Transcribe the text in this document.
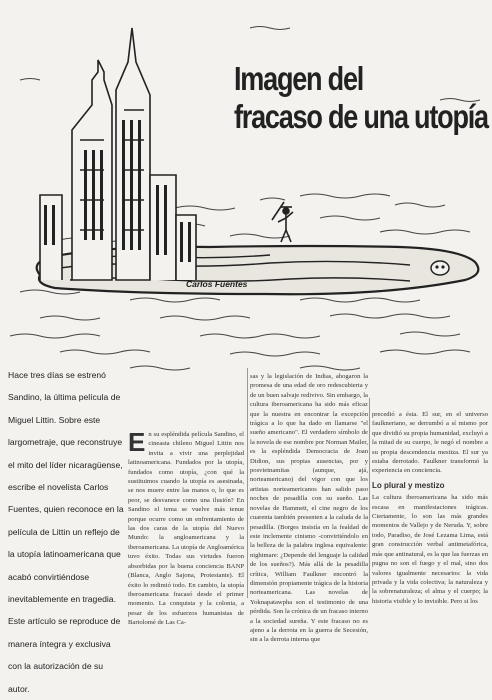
Imagen del
fracaso de una utopía
Carlos Fuentes
Hace tres días se estrenó Sandino, la última película de Miguel Littin. Sobre este largometraje, que reconstruye el mito del líder nicaragüense, escribe el novelista Carlos Fuentes, quien reconoce en la película de Littin un reflejo de la utopía latinoamericana que acabó convirtiéndose inevitablemente en tragedia. Este artículo se reproduce de manera íntegra y exclusiva con la autorización de su autor.
E n su espléndida película Sandino, el cineasta chileno Miguel Littin nos invita a vivir una perplejidad latinoamericana. Fundados por la utopía, fundados como utopía, ¿con qué la sustituimos cuando la utopía es asesinada, se nos muere entre las manos o, lo que es peor, se desvanece como una ilusión? En Sandino el tema se vuelve más tenue porque ocurre como un enfrentamiento de las dos caras de la utopía del Nuevo Mundo: la angloamericana y la iberoamericana. La utopía de Angloamérica tuvo éxito. Todas sus virtudes fueron absorbidas por la buena conciencia BANP (Blanca, Anglo Sajona, Protestante). El éxito lo redimió todo. En cambio, la utopía iberoamericana fracasó desde el primer momento. La conquista y la colonia, a pesar de los esfuerzos humanistas de Bartolomé de Las Ca-
sas y la legislación de Indias, ahogaron la promesa de una edad de oro redescubierta y de un buen salvaje redivivo. Sin embargo, la cultura iberoamericana ha sido más eficaz que la nuestra en encontrar la excepción trágica a lo que ha dado en llamarse "el sueño americano". El verdadero símbolo de la novela de ese nombre por Norman Mailer, es la espléndida Democracia de Joan Didion, sus propias ausencias, por y posvietnamitas (aunque, ajá, norteamericano) del vigor con que los artistas norteamericanos han salido paso noches de pesadilla con su sueño. Las novelas de Hammett, el cine negro de los cuarenta también presenten a la caluda de la pesadilla. (Borges insistía en la fealdad de este inclemente cinismo -convirtiéndolo en la belleza de la palabra inglesa equivalente: nightmare: ¿Depende del lenguaje la calidad de los sueños?). Más allá de la pesadilla crítica, William Faulkner encontró la dimensión propiamente trágica de la historia norteamericana. Las novelas de Yoknapatawpha son el testimonio de una pérdida. Son la crónica de un fracaso interno a la sociedad sureña. Y este fracaso no es ajeno a la derrota en la guerra de Secesión, sin a la derrota interna que
precedió a ésta. El sur, en el universo faulkneriano, se derrumbó a sí mismo por que dividió su propia humanidad, excluyó a la mitad de su cuerpo, le negó el nombre a su propia descendencia mestiza. El sur ya estaba derrotado. Faulkner transformó la experiencia en conciencia.
Lo plural y mestizo
La cultura iberoamericana ha sido más escasa en manifestaciones trágicas. Ciertamente, lo son las más grandes momentos de Vallejo y de Neruda. Y, sobre todo, Paradiso, de José Lezama Lima, está gran construcción verbal antimetafórica, más que antinatural, es la que las fuerzas en pugna no son el fuego y el mal, sino dos valores igualmente necesarios: la vida privada y la vida colectiva; la naturaleza y la sobrenaturaleza; el alma y el cuerpo; la historia visible y lo invisible. Pero si los
